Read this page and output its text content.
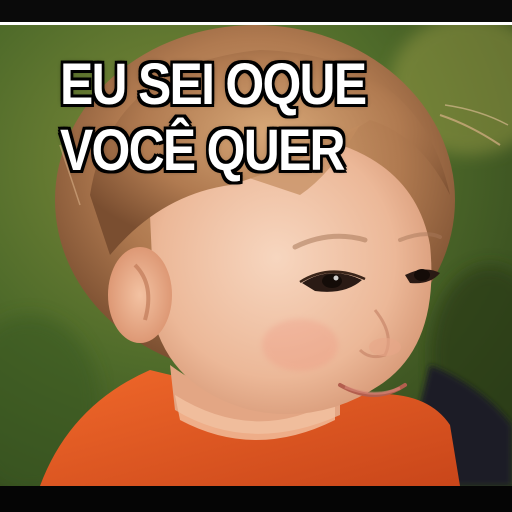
EU SEI OQUE
VOCÊ QUER
